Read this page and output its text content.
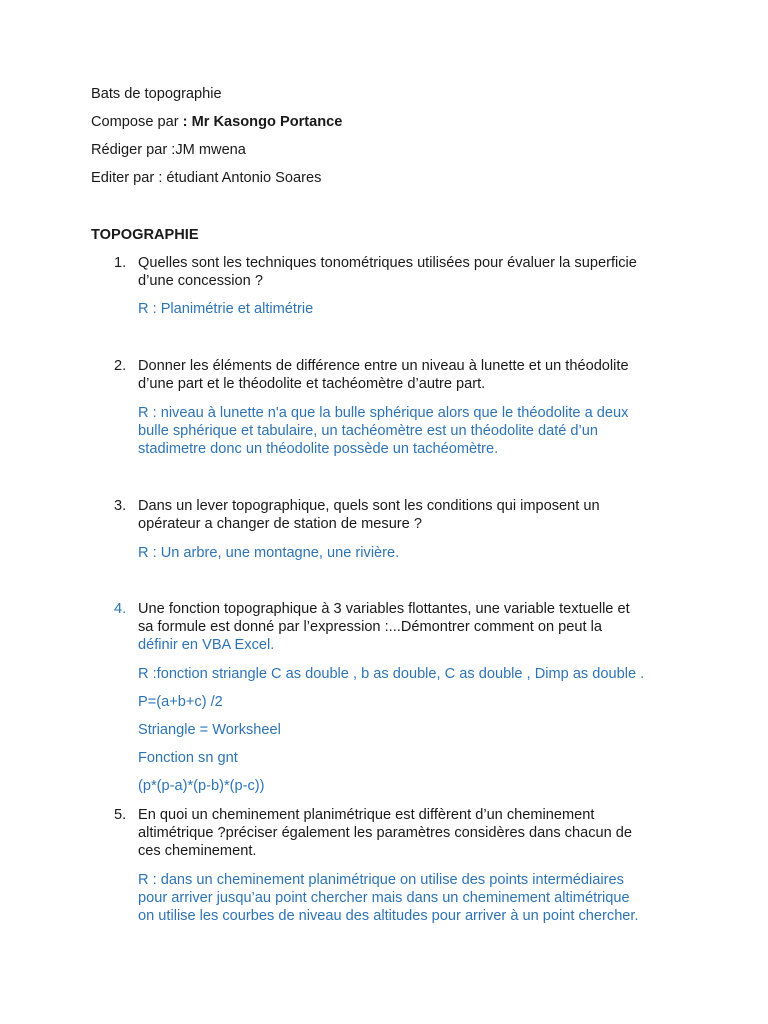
Bats de topographie
Compose par : Mr Kasongo Portance
Rédiger par :JM mwena
Editer par : étudiant Antonio Soares
TOPOGRAPHIE
1. Quelles sont les techniques tonométriques utilisées pour évaluer la superficie
d’une concession ?
R : Planimétrie et altimétrie
2. Donner les éléments de différence entre un niveau à lunette et un théodolite
d’une part et le théodolite et tachéomètre d’autre part.
R : niveau à lunette n'a que la bulle sphérique alors que le théodolite a deux
bulle sphérique et tabulaire, un tachéomètre est un théodolite daté d’un
stadimetre donc un théodolite possède un tachéomètre.
3. Dans un lever topographique, quels sont les conditions qui imposent un
opérateur a changer de station de mesure ?
R : Un arbre, une montagne, une rivière.
4. Une fonction topographique à 3 variables flottantes, une variable textuelle et
sa formule est donné par l’expression :...Démontrer comment on peut la
définir en VBA Excel.
R :fonction striangle C as double , b as double, C as double , Dimp as double .
P=(a+b+c) /2
Striangle = Worksheel
Fonction sn gnt
(p*(p-a)*(p-b)*(p-c))
5. En quoi un cheminement planimétrique est diffèrent d’un cheminement
altimétrique ?préciser également les paramètres considères dans chacun de
ces cheminement.
R : dans un cheminement planimétrique on utilise des points intermédiaires
pour arriver jusqu’au point chercher mais dans un cheminement altimétrique
on utilise les courbes de niveau des altitudes pour arriver à un point chercher.
